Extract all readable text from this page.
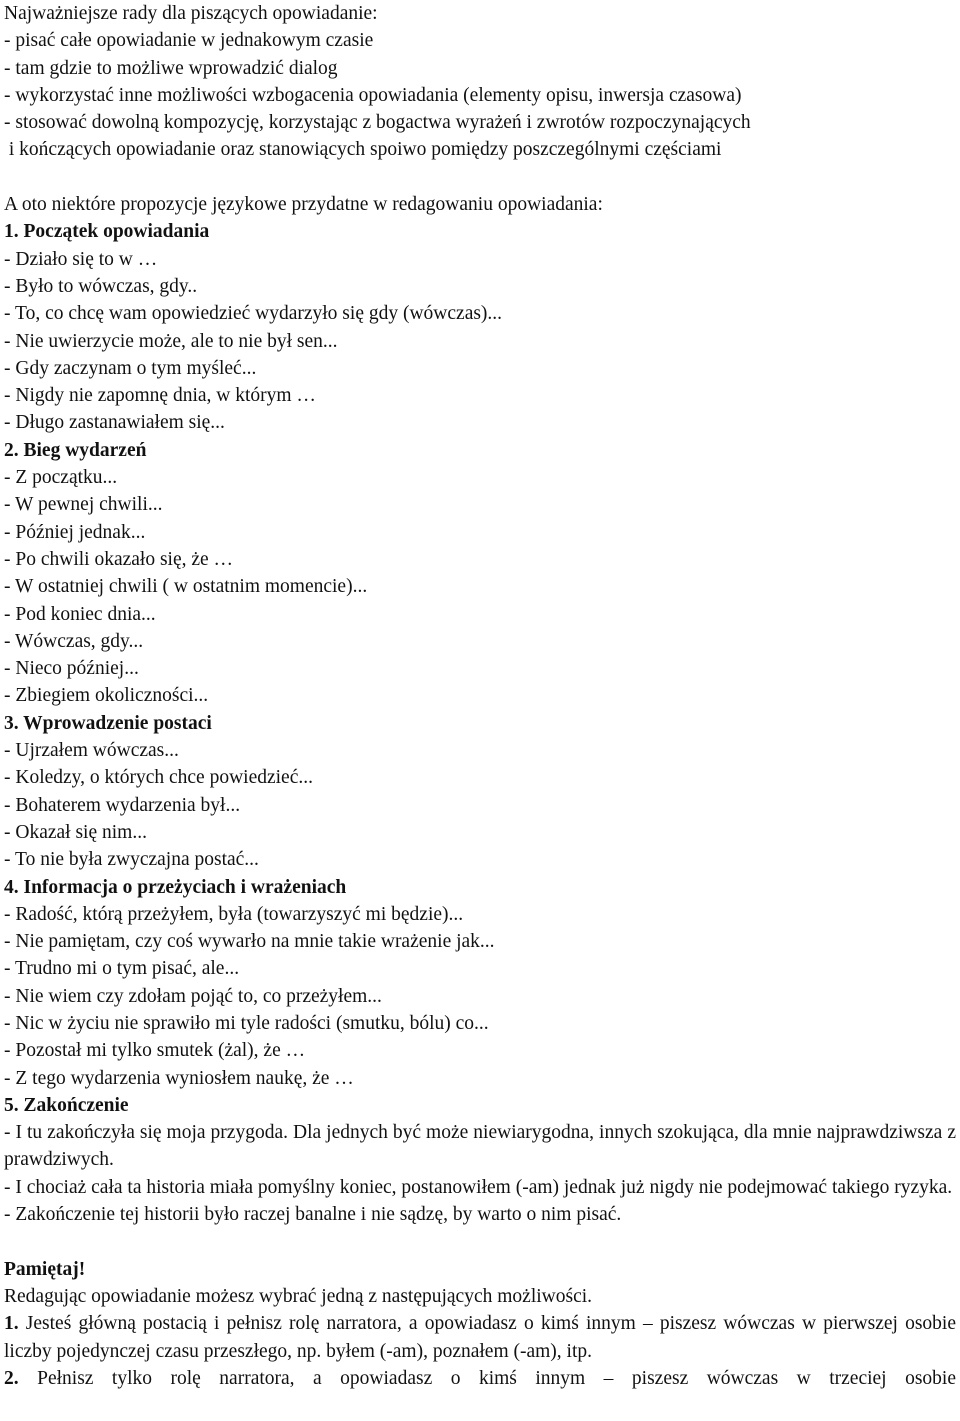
Najważniejsze rady dla piszących opowiadanie:
- pisać całe opowiadanie w jednakowym czasie
- tam gdzie to możliwe wprowadzić dialog
- wykorzystać inne możliwości wzbogacenia opowiadania (elementy opisu, inwersja czasowa)
- stosować dowolną kompozycję, korzystając z bogactwa wyrażeń i zwrotów rozpoczynających
i kończących opowiadanie oraz stanowiących spoiwo pomiędzy poszczególnymi częściami
A oto niektóre propozycje językowe przydatne w redagowaniu opowiadania:
1. Początek opowiadania
- Działo się to w …
- Było to wówczas, gdy..
- To, co chcę wam opowiedzieć wydarzyło się gdy (wówczas)...
- Nie uwierzycie może, ale to nie był sen...
- Gdy zaczynam o tym myśleć...
- Nigdy nie zapomnę dnia, w którym …
- Długo zastanawiałem się...
2. Bieg wydarzeń
- Z początku...
- W pewnej chwili...
- Później jednak...
- Po chwili okazało się, że …
- W ostatniej chwili ( w ostatnim momencie)...
- Pod koniec dnia...
- Wówczas, gdy...
- Nieco później...
- Zbiegiem okoliczności...
3. Wprowadzenie postaci
- Ujrzałem wówczas...
- Koledzy, o których chce powiedzieć...
- Bohaterem wydarzenia był...
- Okazał się nim...
- To nie była zwyczajna postać...
4. Informacja o przeżyciach i wrażeniach
- Radość, którą przeżyłem, była (towarzyszyć mi będzie)...
- Nie pamiętam, czy coś wywarło na mnie takie wrażenie jak...
- Trudno mi o tym pisać, ale...
- Nie wiem czy zdołam pojąć to, co przeżyłem...
- Nic w życiu nie sprawiło mi tyle radości (smutku, bólu) co...
- Pozostał mi tylko smutek (żal), że …
- Z tego wydarzenia wyniosłem naukę, że …
5. Zakończenie
- I tu zakończyła się moja przygoda. Dla jednych być może niewiarygodna, innych szokująca, dla mnie najprawdziwsza z prawdziwych.
- I chociaż cała ta historia miała pomyślny koniec, postanowiłem (-am) jednak już nigdy nie podejmować takiego ryzyka.
- Zakończenie tej historii było raczej banalne i nie sądzę, by warto o nim pisać.
Pamiętaj!
Redagując opowiadanie możesz wybrać jedną z następujących możliwości.
1. Jesteś główną postacią i pełnisz rolę narratora, a opowiadasz o kimś innym – piszesz wówczas w pierwszej osobie liczby pojedynczej czasu przeszłego, np. byłem (-am), poznałem (-am), itp.
2. Pełnisz tylko rolę narratora, a opowiadasz o kimś innym – piszesz wówczas w trzeciej osobie
